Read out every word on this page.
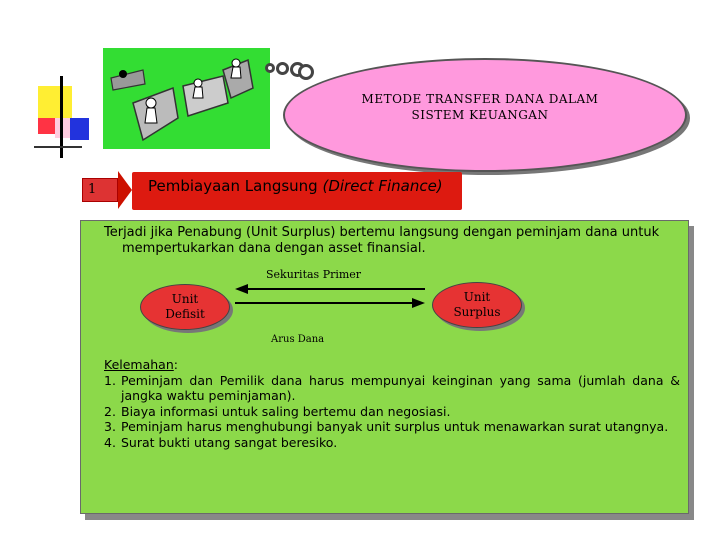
METODE TRANSFER DANA DALAM SISTEM KEUANGAN
1	Pembiayaan Langsung (Direct Finance)
Terjadi jika Penabung (Unit Surplus) bertemu langsung dengan peminjam dana untuk
mempertukarkan dana dengan asset finansial.
Sekuritas Primer
Unit Defisit
Unit Surplus
Arus Dana
Kelemahan:
1. Peminjam dan Pemilik dana harus mempunyai keinginan yang sama (jumlah dana & jangka waktu peminjaman).
2. Biaya informasi untuk saling bertemu dan negosiasi.
3. Peminjam harus menghubungi banyak unit surplus untuk menawarkan surat utangnya.
4. Surat bukti utang sangat beresiko.
